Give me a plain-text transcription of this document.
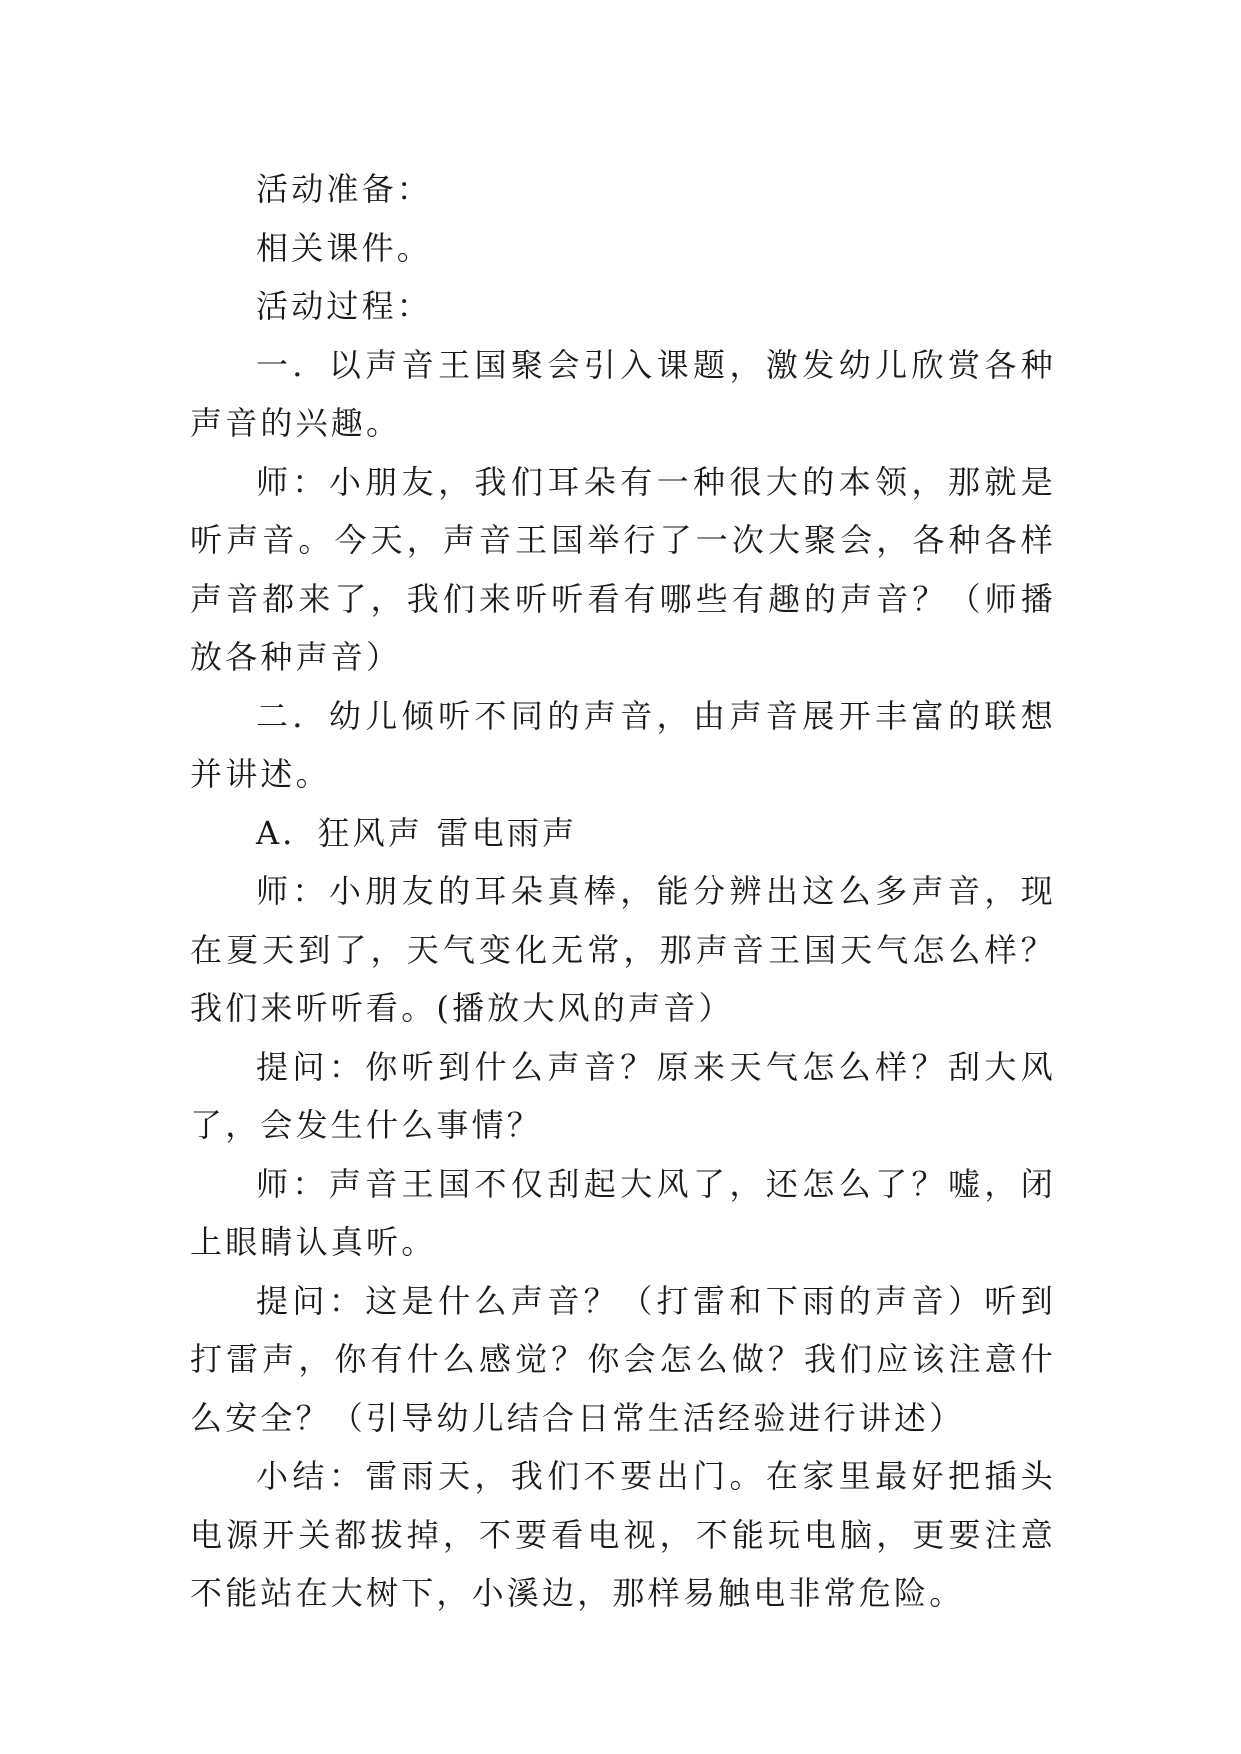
活动准备：

相关课件。

活动过程：

一．以声音王国聚会引入课题，激发幼儿欣赏各种声音的兴趣。

师：小朋友，我们耳朵有一种很大的本领，那就是听声音。今天，声音王国举行了一次大聚会，各种各样声音都来了，我们来听听看有哪些有趣的声音？（师播放各种声音）

二．幼儿倾听不同的声音，由声音展开丰富的联想并讲述。

A．狂风声 雷电雨声

师：小朋友的耳朵真棒，能分辨出这么多声音，现在夏天到了，天气变化无常，那声音王国天气怎么样？我们来听听看。(播放大风的声音）

提问：你听到什么声音？原来天气怎么样？刮大风了，会发生什么事情？

师：声音王国不仅刮起大风了，还怎么了？嘘，闭上眼睛认真听。

提问：这是什么声音？（打雷和下雨的声音）听到打雷声，你有什么感觉？你会怎么做？我们应该注意什么安全？（引导幼儿结合日常生活经验进行讲述）

小结：雷雨天，我们不要出门。在家里最好把插头电源开关都拔掉，不要看电视，不能玩电脑，更要注意不能站在大树下，小溪边，那样易触电非常危险。
